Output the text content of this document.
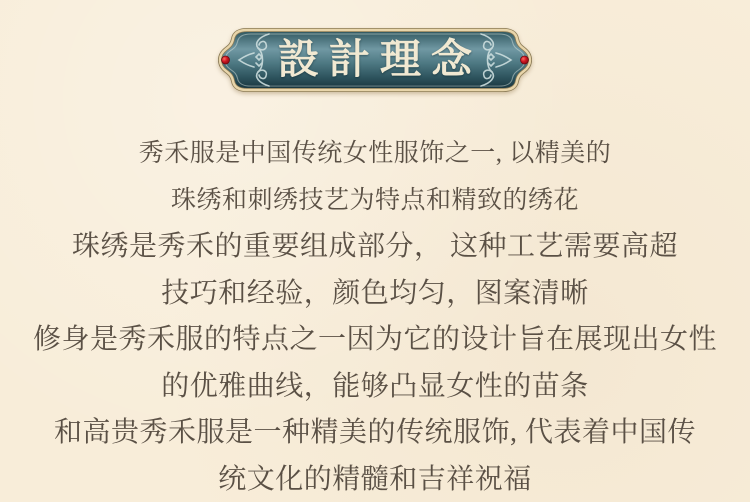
設計理念

秀禾服是中国传统女性服饰之一, 以精美的

珠绣和刺绣技艺为特点和精致的绣花

珠绣是秀禾的重要组成部分， 这种工艺需要高超

技巧和经验，颜色均匀，图案清晰

修身是秀禾服的特点之一因为它的设计旨在展现出女性

的优雅曲线，能够凸显女性的苗条

和高贵秀禾服是一种精美的传统服饰, 代表着中国传

统文化的精髓和吉祥祝福
